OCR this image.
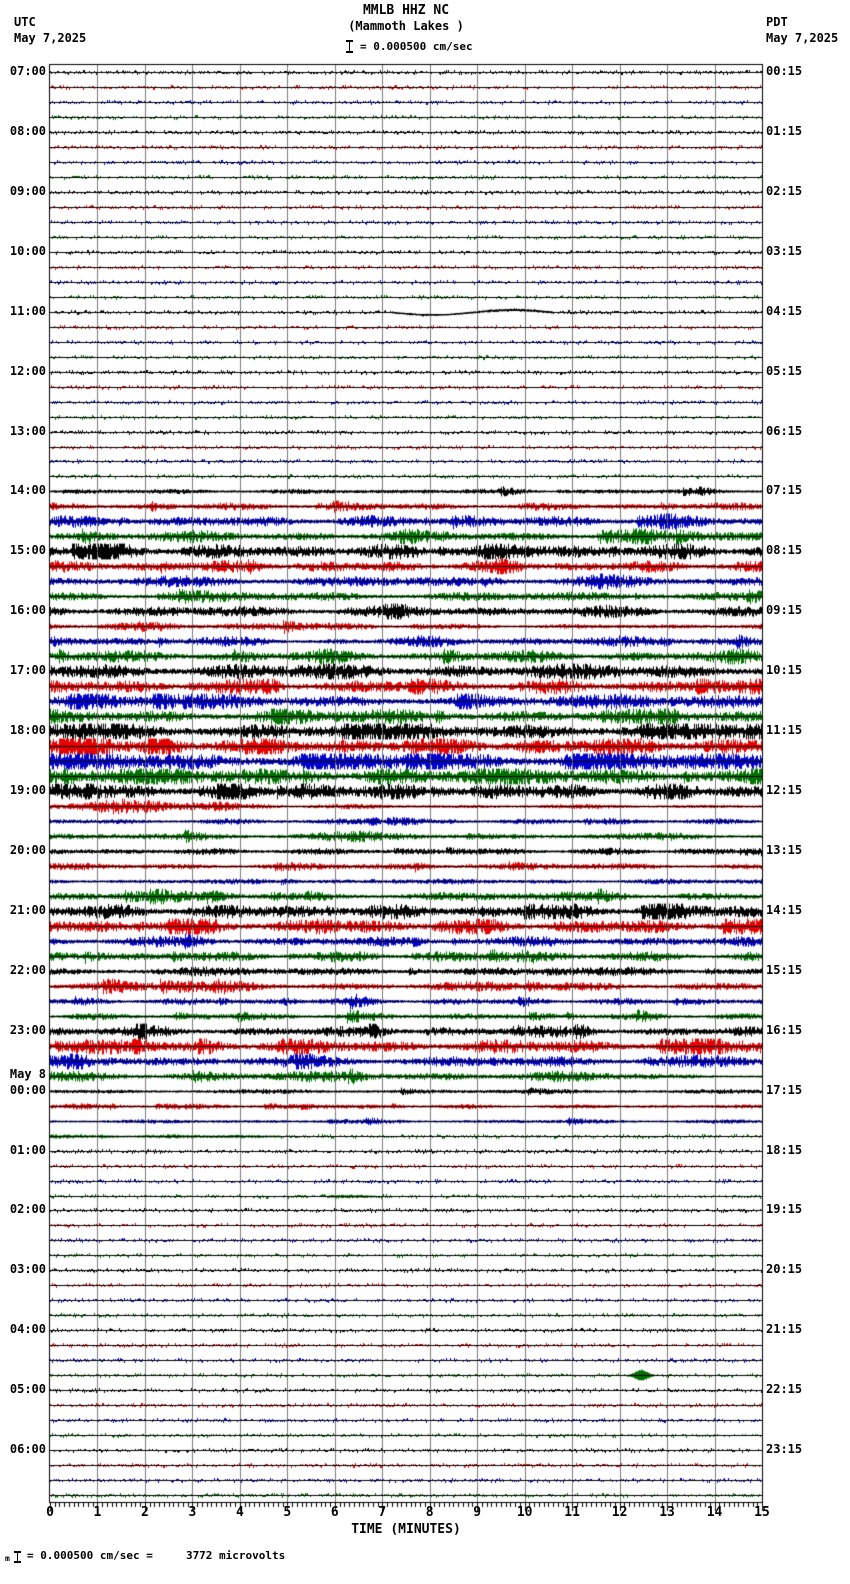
UTC
May 7,2025
PDT
May 7,2025
MMLB HHZ NC
(Mammoth Lakes )
= 0.000500 cm/sec
07:00
08:00
09:00
10:00
11:00
12:00
13:00
14:00
15:00
16:00
17:00
18:00
19:00
20:00
21:00
22:00
23:00
00:00
May 8
01:00
02:00
03:00
04:00
05:00
06:00
00:15
01:15
02:15
03:15
04:15
05:15
06:15
07:15
08:15
09:15
10:15
11:15
12:15
13:15
14:15
15:15
16:15
17:15
18:15
19:15
20:15
21:15
22:15
23:15
0	1	2	3	4	5	6	7	8	9	10	11	12	13	14	15
TIME (MINUTES)
m = 0.000500 cm/sec =     3772 microvolts
